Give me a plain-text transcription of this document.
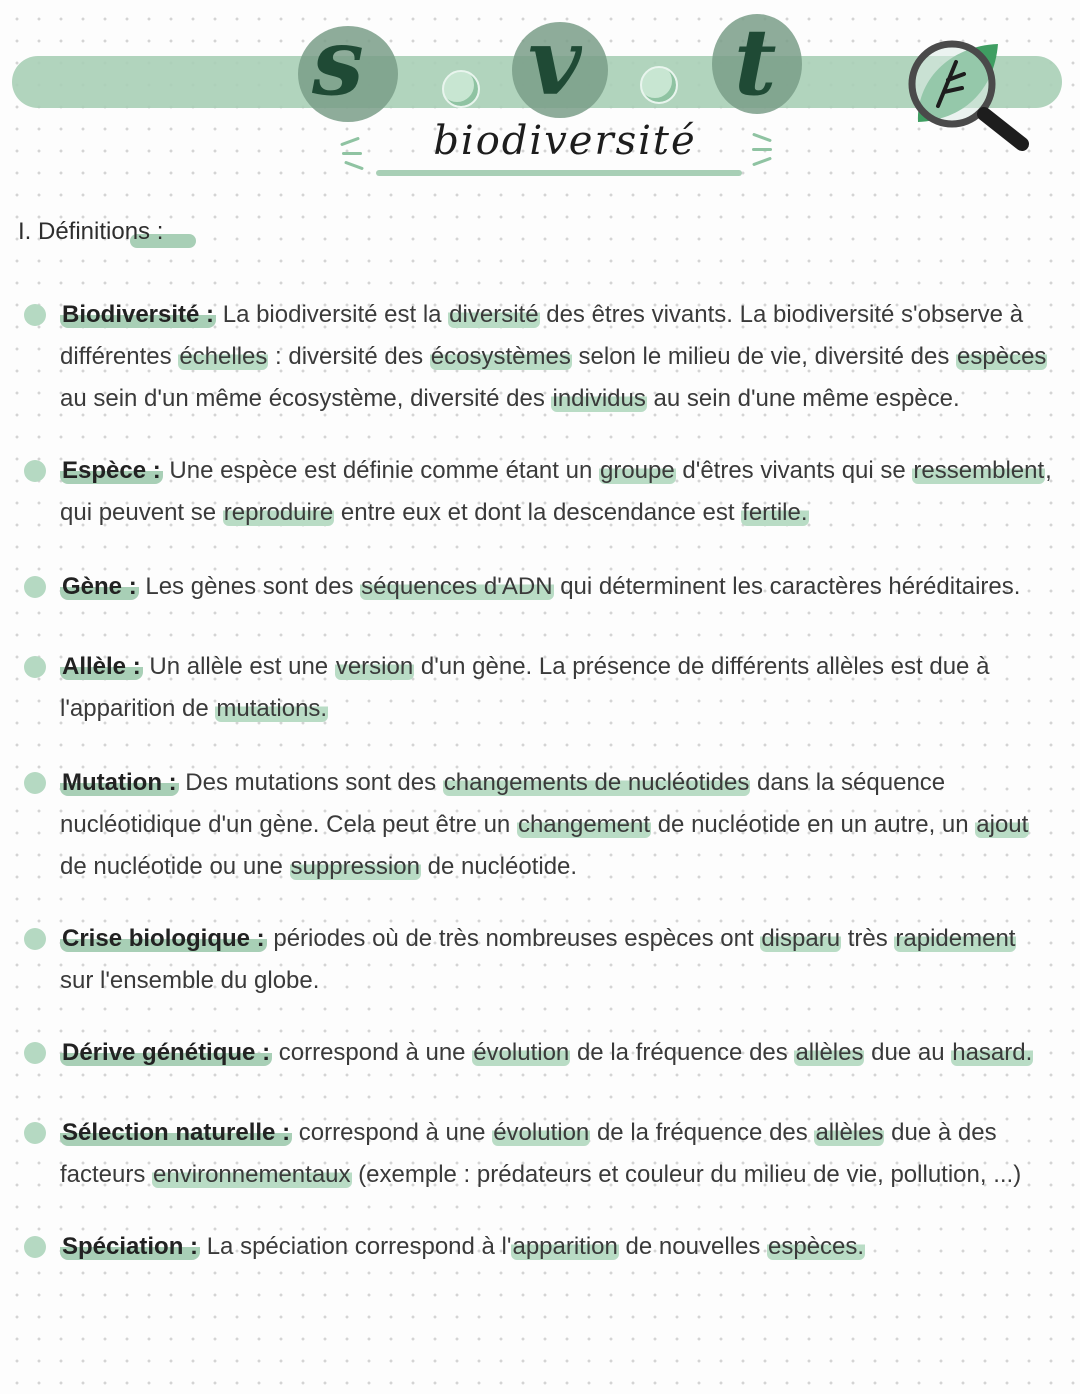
s v t
biodiversité
I. Définitions :
Biodiversité : La biodiversité est la diversité des êtres vivants. La biodiversité s'observe à différentes échelles : diversité des écosystèmes selon le milieu de vie, diversité des espèces au sein d'un même écosystème, diversité des individus au sein d'une même espèce.
Espèce : Une espèce est définie comme étant un groupe d'êtres vivants qui se ressemblent, qui peuvent se reproduire entre eux et dont la descendance est fertile.
Gène : Les gènes sont des séquences d'ADN qui déterminent les caractères héréditaires.
Allèle : Un allèle est une version d'un gène. La présence de différents allèles est due à l'apparition de mutations.
Mutation : Des mutations sont des changements de nucléotides dans la séquence nucléotidique d'un gène. Cela peut être un changement de nucléotide en un autre, un ajout de nucléotide ou une suppression de nucléotide.
Crise biologique : périodes où de très nombreuses espèces ont disparu très rapidement sur l'ensemble du globe.
Dérive génétique : correspond à une évolution de la fréquence des allèles due au hasard.
Sélection naturelle : correspond à une évolution de la fréquence des allèles due à des facteurs environnementaux (exemple : prédateurs et couleur du milieu de vie, pollution, ...)
Spéciation : La spéciation correspond à l'apparition de nouvelles espèces.
